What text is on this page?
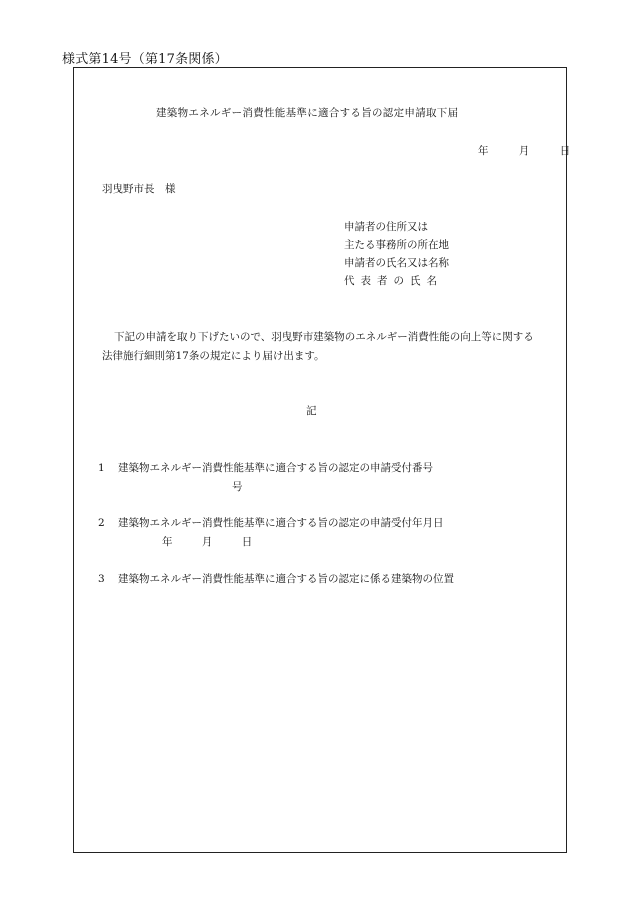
様式第14号（第17条関係）
建築物エネルギー消費性能基準に適合する旨の認定申請取下届
年	月	日
羽曳野市長　様
申請者の住所又は
主たる事務所の所在地
申請者の氏名又は名称
代表者の氏名
下記の申請を取り下げたいので、羽曳野市建築物のエネルギー消費性能の向上等に関する
法律施行細則第17条の規定により届け出ます。
記
1 建築物エネルギー消費性能基準に適合する旨の認定の申請受付番号
号
2 建築物エネルギー消費性能基準に適合する旨の認定の申請受付年月日
年	月	日
3 建築物エネルギー消費性能基準に適合する旨の認定に係る建築物の位置
